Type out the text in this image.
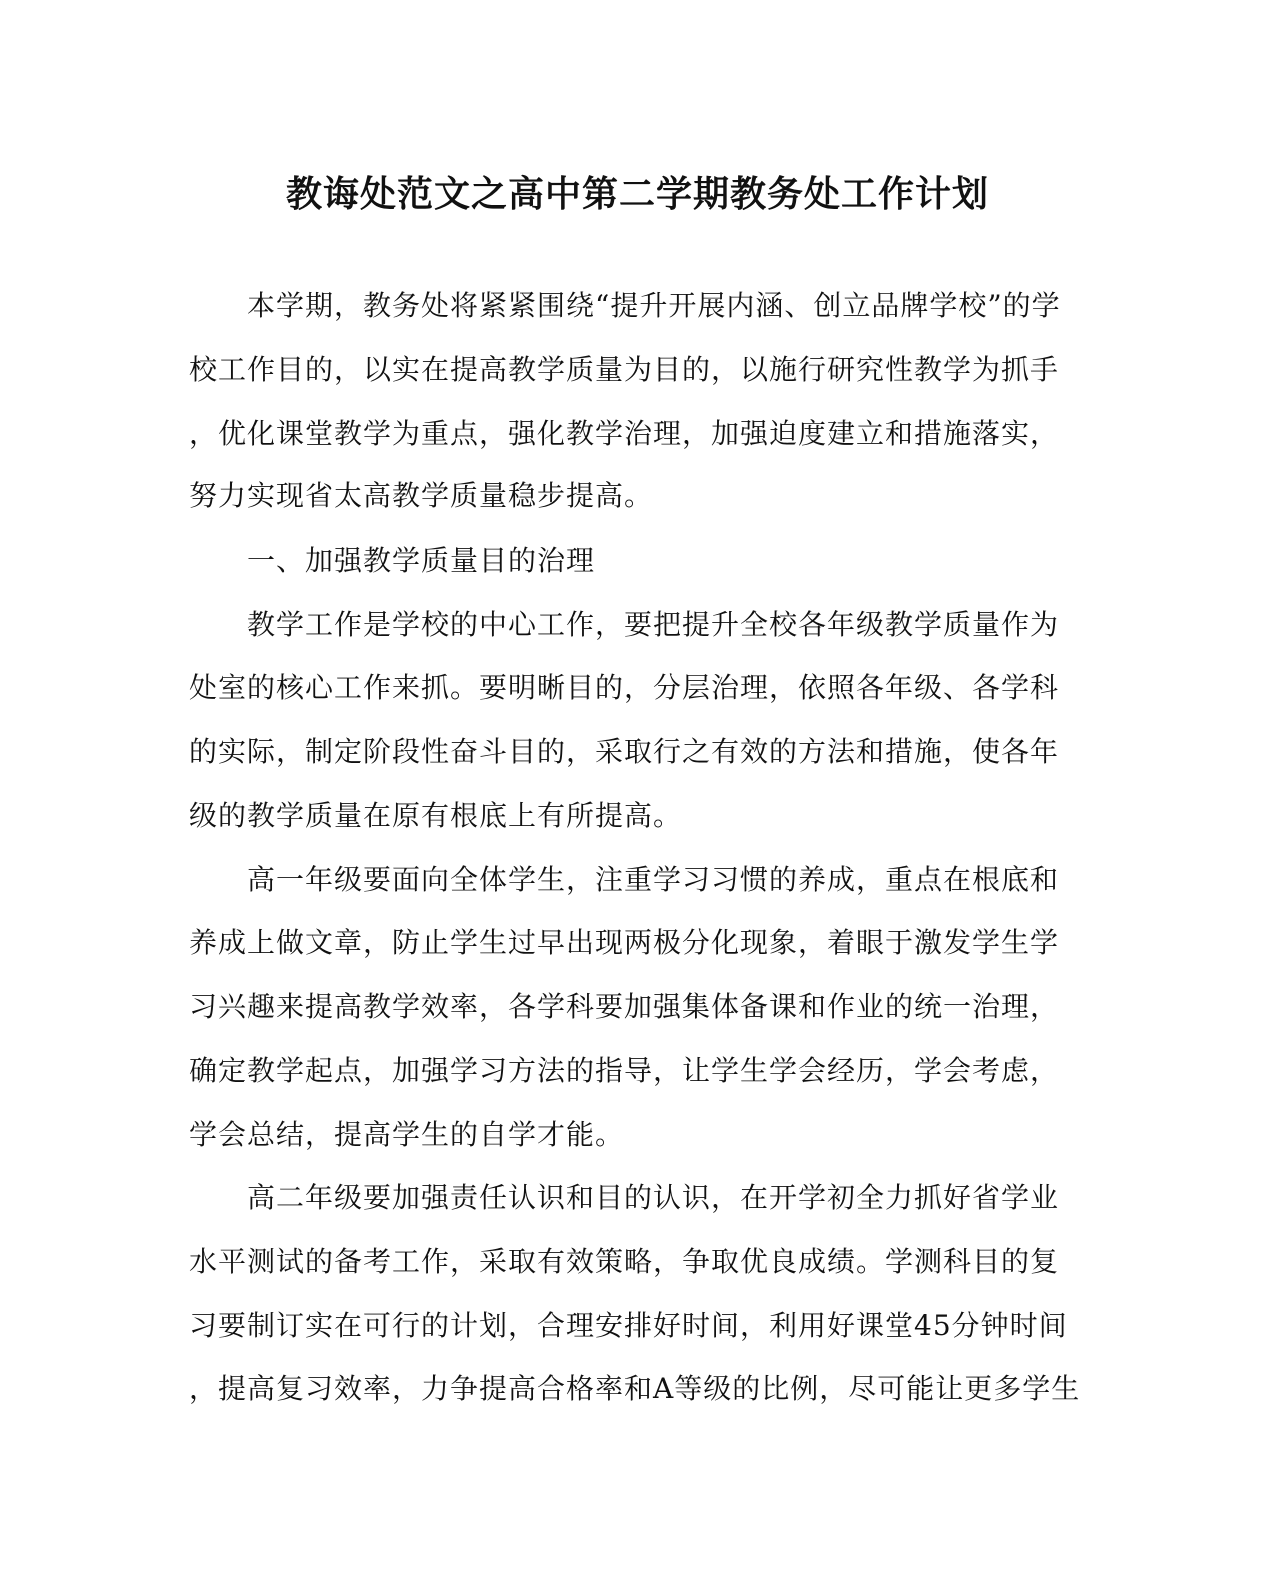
教诲处范文之高中第二学期教务处工作计划
本学期，教务处将紧紧围绕“提升开展内涵、创立品牌学校”的学
校工作目的，以实在提高教学质量为目的，以施行研究性教学为抓手
，优化课堂教学为重点，强化教学治理，加强迫度建立和措施落实，
努力实现省太高教学质量稳步提高。
一、加强教学质量目的治理
教学工作是学校的中心工作，要把提升全校各年级教学质量作为
处室的核心工作来抓。要明晰目的，分层治理，依照各年级、各学科
的实际，制定阶段性奋斗目的，采取行之有效的方法和措施，使各年
级的教学质量在原有根底上有所提高。
高一年级要面向全体学生，注重学习习惯的养成，重点在根底和
养成上做文章，防止学生过早出现两极分化现象，着眼于激发学生学
习兴趣来提高教学效率，各学科要加强集体备课和作业的统一治理，
确定教学起点，加强学习方法的指导，让学生学会经历，学会考虑，
学会总结，提高学生的自学才能。
高二年级要加强责任认识和目的认识，在开学初全力抓好省学业
水平测试的备考工作，采取有效策略，争取优良成绩。学测科目的复
习要制订实在可行的计划，合理安排好时间，利用好课堂45分钟时间
，提高复习效率，力争提高合格率和A等级的比例，尽可能让更多学生
